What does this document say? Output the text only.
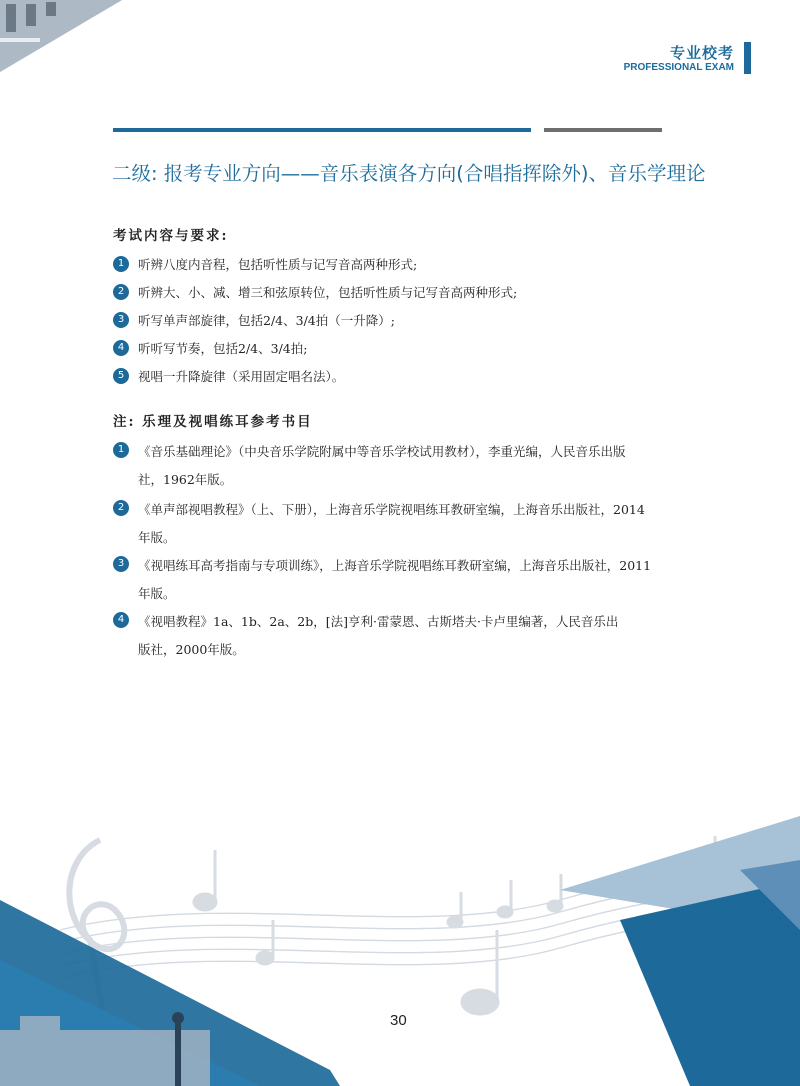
专业校考
PROFESSIONAL EXAM
二级: 报考专业方向——音乐表演各方向(合唱指挥除外)、音乐学理论
考试内容与要求:
1	听辨八度内音程，包括听性质与记写音高两种形式;
2	听辨大、小、减、增三和弦原转位，包括听性质与记写音高两种形式;
3	听写单声部旋律，包括2/4、3/4拍（一升降）;
4	听听写节奏，包括2/4、3/4拍;
5	视唱一升降旋律（采用固定唱名法）。
注: 乐理及视唱练耳参考书目
1	《音乐基础理论》（中央音乐学院附属中等音乐学校试用教材），李重光编，人民音乐出版
社，1962年版。
2	《单声部视唱教程》（上、下册），上海音乐学院视唱练耳教研室编，上海音乐出版社，2014
年版。
3	《视唱练耳高考指南与专项训练》，上海音乐学院视唱练耳教研室编，上海音乐出版社，2011
年版。
4	《视唱教程》1a、1b、2a、2b，[法]亨利·雷蒙恩、古斯塔夫·卡卢里编著，人民音乐出
版社，2000年版。
30
